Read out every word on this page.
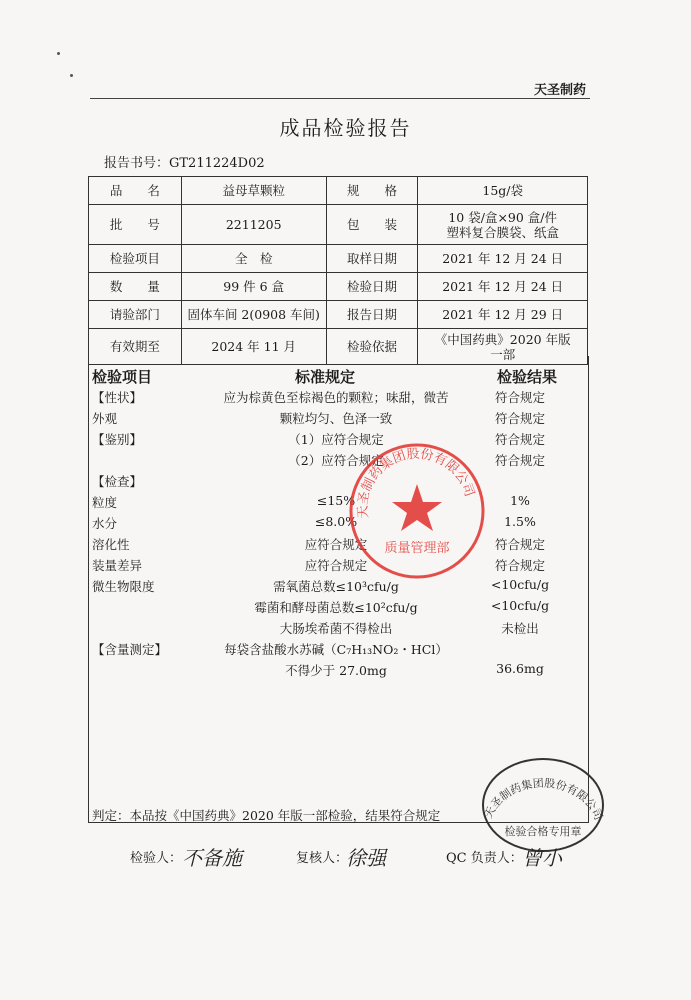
天圣制药
成品检验报告
报告书号：GT211224D02
品　　名	益母草颗粒	规　　格	15g/袋
批　　号	2211205	包　　装	10 袋/盒×90 盒/件
塑料复合膜袋、纸盒
检验项目	全　检	取样日期	2021 年 12 月 24 日
数　　量	99 件 6 盒	检验日期	2021 年 12 月 24 日
请验部门	固体车间 2(0908 车间)	报告日期	2021 年 12 月 29 日
有效期至	2024 年 11 月	检验依据	《中国药典》2020 年版
一部
检验项目	标准规定	检验结果
【性状】	应为棕黄色至棕褐色的颗粒；味甜，微苦	符合规定
外观	颗粒均匀、色泽一致	符合规定
【鉴别】	（1）应符合规定	符合规定
（2）应符合规定	符合规定
【检查】
粒度	≤15%	1%
水分	≤8.0%	1.5%
溶化性	应符合规定	符合规定
装量差异	应符合规定	符合规定
微生物限度	需氧菌总数≤10³cfu/g	<10cfu/g
霉菌和酵母菌总数≤10²cfu/g	<10cfu/g
大肠埃希菌不得检出	未检出
【含量测定】	每袋含盐酸水苏碱（C₇H₁₃NO₂・HCl）
不得少于 27.0mg	36.6mg
天圣制药集团股份有限公司
质量管理部
天圣制药集团股份有限公司
检验合格专用章
判定：本品按《中国药典》2020 年版一部检验，结果符合规定
检验人： 不备施	复核人：
徐强	QC 负责人： 曾小
